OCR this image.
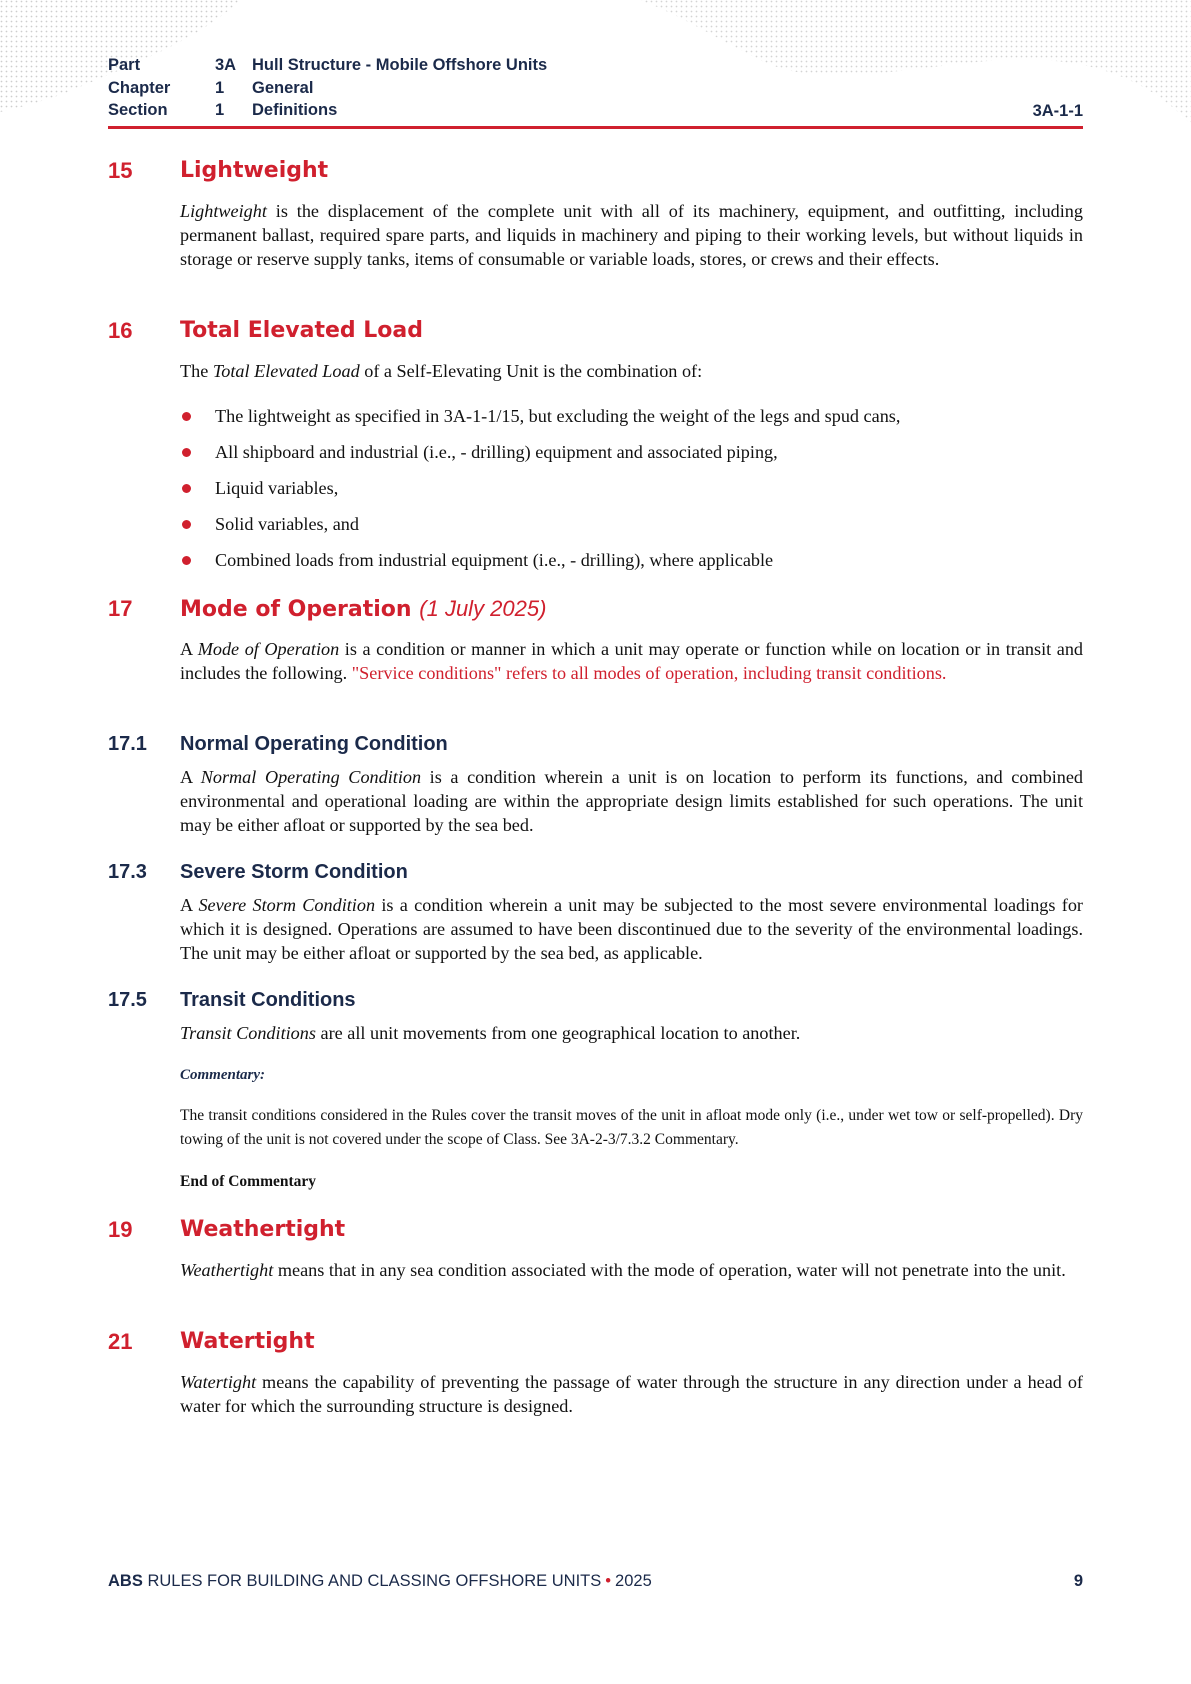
Part	3A Hull Structure - Mobile Offshore Units
Chapter	1 General
Section	1 Definitions	3A-1-1
15 Lightweight

Lightweight is the displacement of the complete unit with all of its machinery, equipment, and outfitting, including permanent ballast, required spare parts, and liquids in machinery and piping to their working levels, but without liquids in storage or reserve supply tanks, items of consumable or variable loads, stores, or crews and their effects.

16 Total Elevated Load

The Total Elevated Load of a Self-Elevating Unit is the combination of:

The lightweight as specified in 3A-1-1/15, but excluding the weight of the legs and spud cans,
All shipboard and industrial (i.e., - drilling) equipment and associated piping,
Liquid variables,
Solid variables, and
Combined loads from industrial equipment (i.e., - drilling), where applicable
17 Mode of Operation (1 July 2025)

A Mode of Operation is a condition or manner in which a unit may operate or function while on location or in transit and includes the following. "Service conditions" refers to all modes of operation, including transit conditions.

17.1 Normal Operating Condition

A Normal Operating Condition is a condition wherein a unit is on location to perform its functions, and combined environmental and operational loading are within the appropriate design limits established for such operations. The unit may be either afloat or supported by the sea bed.

17.3 Severe Storm Condition

A Severe Storm Condition is a condition wherein a unit may be subjected to the most severe environmental loadings for which it is designed. Operations are assumed to have been discontinued due to the severity of the environmental loadings. The unit may be either afloat or supported by the sea bed, as applicable.

17.5 Transit Conditions

Transit Conditions are all unit movements from one geographical location to another.

Commentary:

The transit conditions considered in the Rules cover the transit moves of the unit in afloat mode only (i.e., under wet tow or self-propelled). Dry towing of the unit is not covered under the scope of Class. See 3A-2-3/7.3.2 Commentary.

End of Commentary
19 Weathertight

Weathertight means that in any sea condition associated with the mode of operation, water will not penetrate into the unit.

21 Watertight

Watertight means the capability of preventing the passage of water through the structure in any direction under a head of water for which the surrounding structure is designed.

ABS RULES FOR BUILDING AND CLASSING OFFSHORE UNITS • 2025	9
